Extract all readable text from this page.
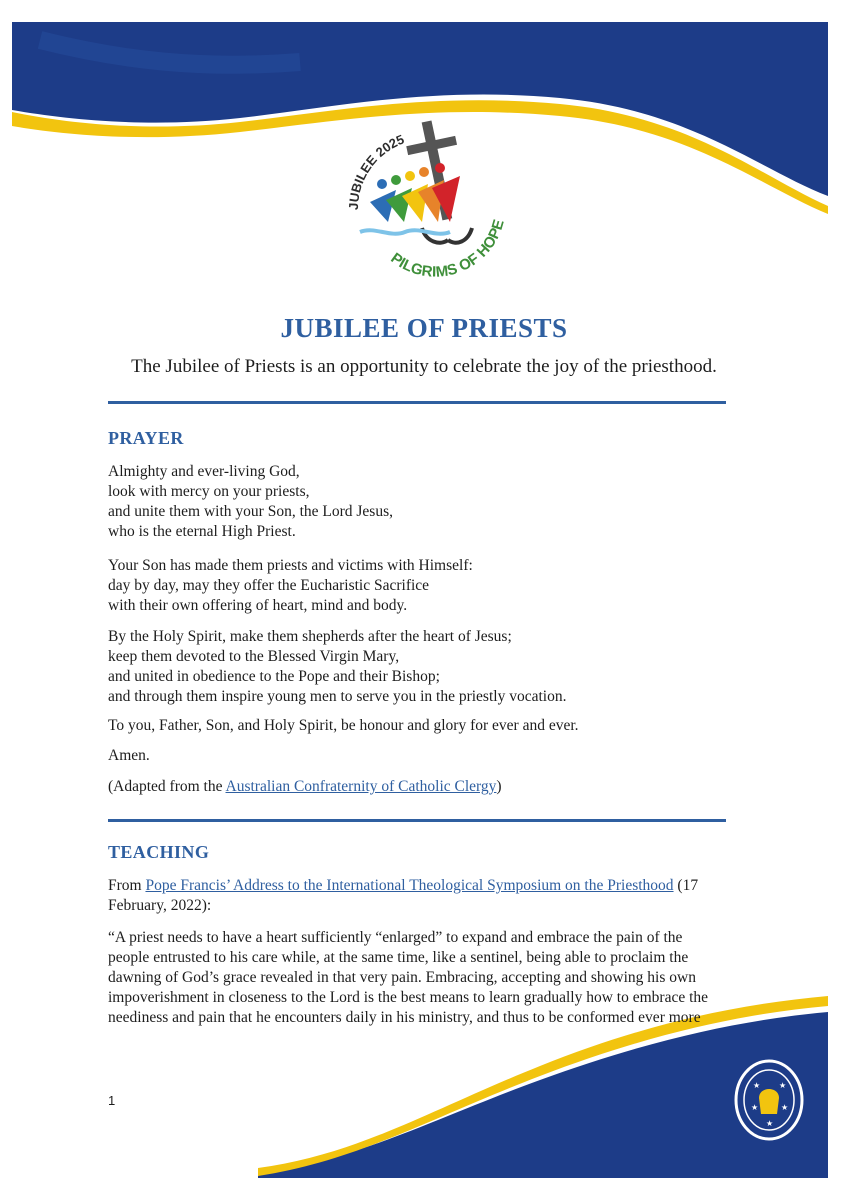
JUBILEE 2025
PILGRIMS OF HOPE
JUBILEE OF PRIESTS
The Jubilee of Priests is an opportunity to celebrate the joy of the priesthood.
PRAYER
Almighty and ever-living God,
look with mercy on your priests,
and unite them with your Son, the Lord Jesus,
who is the eternal High Priest.
Your Son has made them priests and victims with Himself:
day by day, may they offer the Eucharistic Sacrifice
with their own offering of heart, mind and body.
By the Holy Spirit, make them shepherds after the heart of Jesus;
keep them devoted to the Blessed Virgin Mary,
and united in obedience to the Pope and their Bishop;
and through them inspire young men to serve you in the priestly vocation.
To you, Father, Son, and Holy Spirit, be honour and glory for ever and ever.
Amen.
(Adapted from the Australian Confraternity of Catholic Clergy)
TEACHING
From Pope Francis’ Address to the International Theological Symposium on the Priesthood (17
February, 2022):
“A priest needs to have a heart sufficiently “enlarged” to expand and embrace the pain of the
people entrusted to his care while, at the same time, like a sentinel, being able to proclaim the
dawning of God’s grace revealed in that very pain. Embracing, accepting and showing his own
impoverishment in closeness to the Lord is the best means to learn gradually how to embrace the
neediness and pain that he encounters daily in his ministry, and thus to be conformed ever more
1
★ ★
★	★
★
